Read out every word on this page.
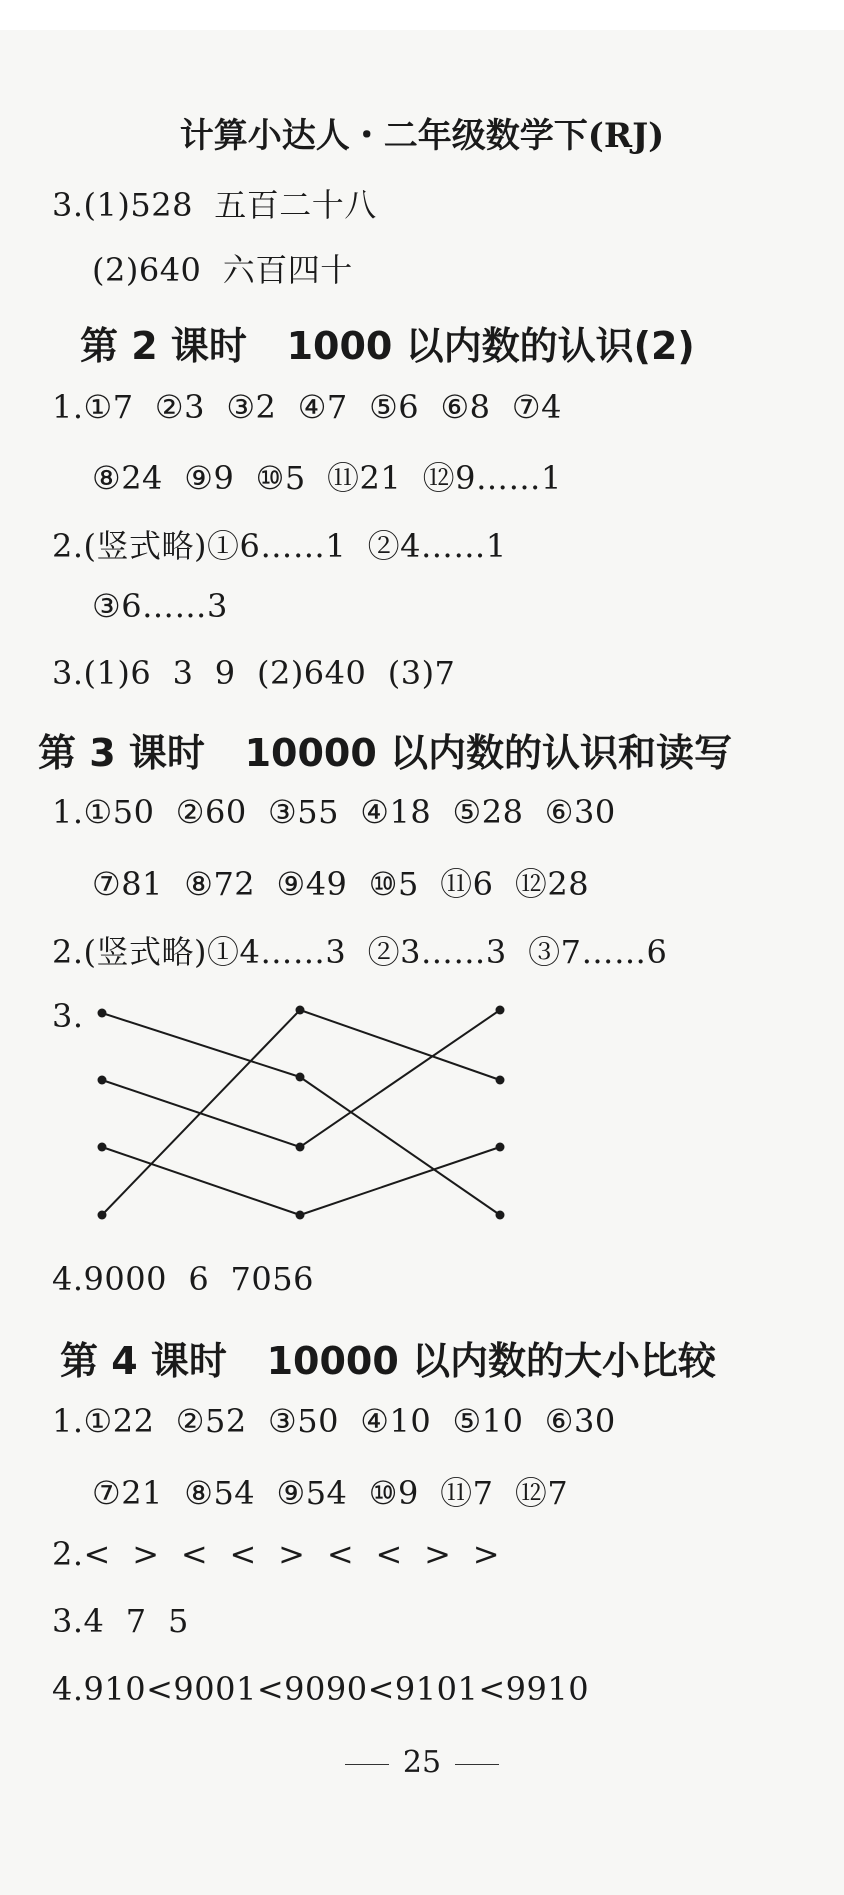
计算小达人・二年级数学下(RJ)
3.(1)528  五百二十八
(2)640  六百四十
第 2 课时   1000 以内数的认识(2)
1.①7  ②3  ③2  ④7  ⑤6  ⑥8  ⑦4
⑧24  ⑨9  ⑩5  ⑪21  ⑫9……1
2.(竖式略)①6……1  ②4……1
③6……3
3.(1)6  3  9  (2)640  (3)7
第 3 课时   10000 以内数的认识和读写
1.①50  ②60  ③55  ④18  ⑤28  ⑥30
⑦81  ⑧72  ⑨49  ⑩5  ⑪6  ⑫28
2.(竖式略)①4……3  ②3……3  ③7……6
3.
4.9000  6  7056
第 4 课时   10000 以内数的大小比较
1.①22  ②52  ③50  ④10  ⑤10  ⑥30
⑦21  ⑧54  ⑨54  ⑩9  ⑪7  ⑫7
2.<  >  <  <  >  <  <  >  >
3.4  7  5
4.910<9001<9090<9101<9910
25
